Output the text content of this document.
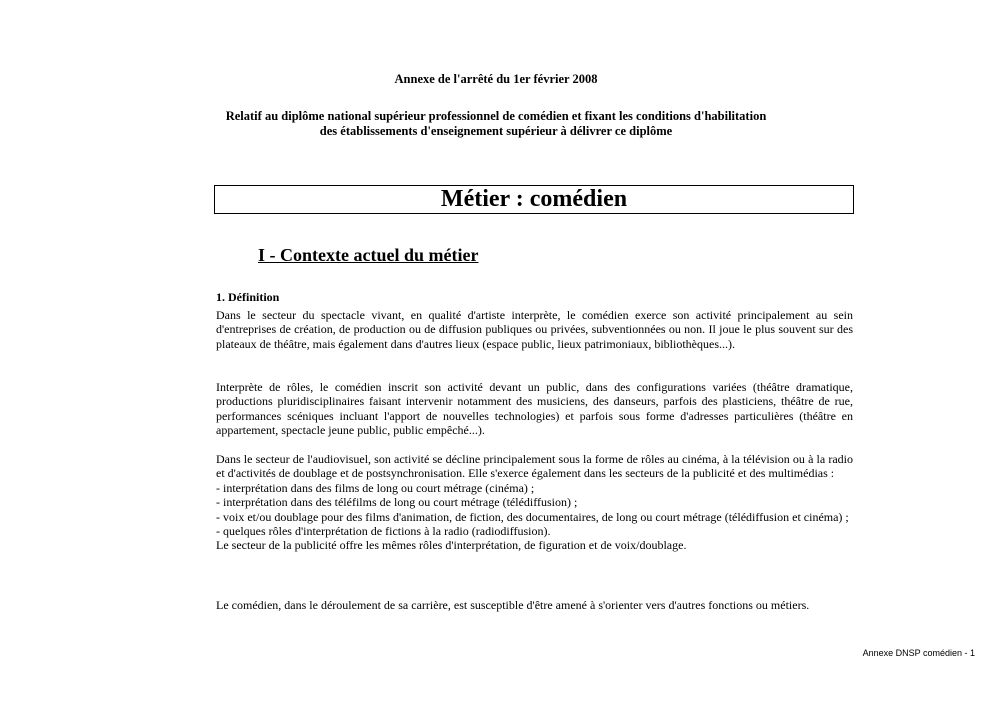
Annexe de l'arrêté du 1er février 2008
Relatif au diplôme national supérieur professionnel de comédien et fixant les conditions d'habilitation
des établissements d'enseignement supérieur à délivrer ce diplôme
Métier : comédien
I - Contexte actuel du métier
1. Définition

Dans le secteur du spectacle vivant, en qualité d'artiste interprète, le comédien exerce son activité principalement au sein d'entreprises de création, de production ou de diffusion publiques ou privées, subventionnées ou non. Il joue le plus souvent sur des plateaux de théâtre, mais également dans d'autres lieux (espace public, lieux patrimoniaux, bibliothèques...).

Interprète de rôles, le comédien inscrit son activité devant un public, dans des configurations variées (théâtre dramatique, productions pluridisciplinaires faisant intervenir notamment des musiciens, des danseurs, parfois des plasticiens, théâtre de rue, performances scéniques incluant l'apport de nouvelles technologies) et parfois sous forme d'adresses particulières (théâtre en appartement, spectacle jeune public, public empêché...).

Dans le secteur de l'audiovisuel, son activité se décline principalement sous la forme de rôles au cinéma, à la télévision ou à la radio et d'activités de doublage et de postsynchronisation. Elle s'exerce également dans les secteurs de la publicité et des multimédias :

- interprétation dans des films de long ou court métrage (cinéma) ;
- interprétation dans des téléfilms de long ou court métrage (télédiffusion) ;
- voix et/ou doublage pour des films d'animation, de fiction, des documentaires, de long ou court métrage (télédiffusion et cinéma) ;
- quelques rôles d'interprétation de fictions à la radio (radiodiffusion).
Le secteur de la publicité offre les mêmes rôles d'interprétation, de figuration et de voix/doublage.

Le comédien, dans le déroulement de sa carrière, est susceptible d'être amené à s'orienter vers d'autres fonctions ou métiers.

Annexe DNSP comédien - 1
